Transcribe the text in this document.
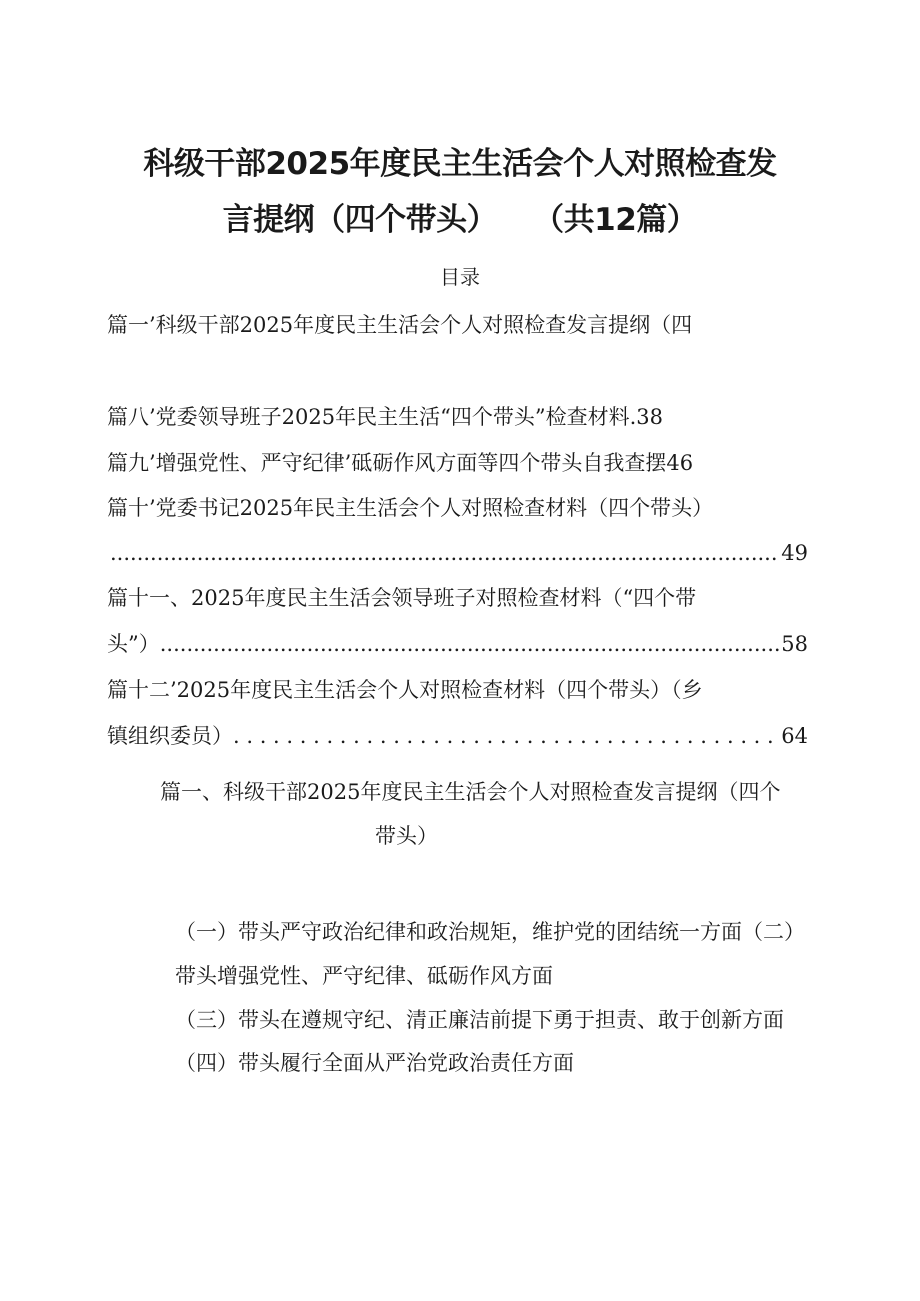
科级干部2025年度民主生活会个人对照检查发
言提纲（四个带头） （共12篇）
目录
篇一’科级干部2025年度民主生活会个人对照检查发言提纲（四
篇八’党委领导班子2025年民主生活“四个带头”检查材料.38
篇九’增强党性、严守纪律’砥砺作风方面等四个带头自我查摆46
篇十’党委书记2025年民主生活会个人对照检查材料（四个带头）
.....
49
篇十一、2025年度民主生活会领导班子对照检查材料（“四个带
头”） .....	58
篇十二’2025年度民主生活会个人对照检查材料（四个带头）（乡
镇组织委员） . . .	64
篇一、科级干部2025年度民主生活会个人对照检查发言提纲（四个
带头）
（一）带头严守政治纪律和政治规矩，维护党的团结统一方面（二）
带头增强党性、严守纪律、砥砺作风方面
（三）带头在遵规守纪、清正廉洁前提下勇于担责、敢于创新方面
（四）带头履行全面从严治党政治责任方面
